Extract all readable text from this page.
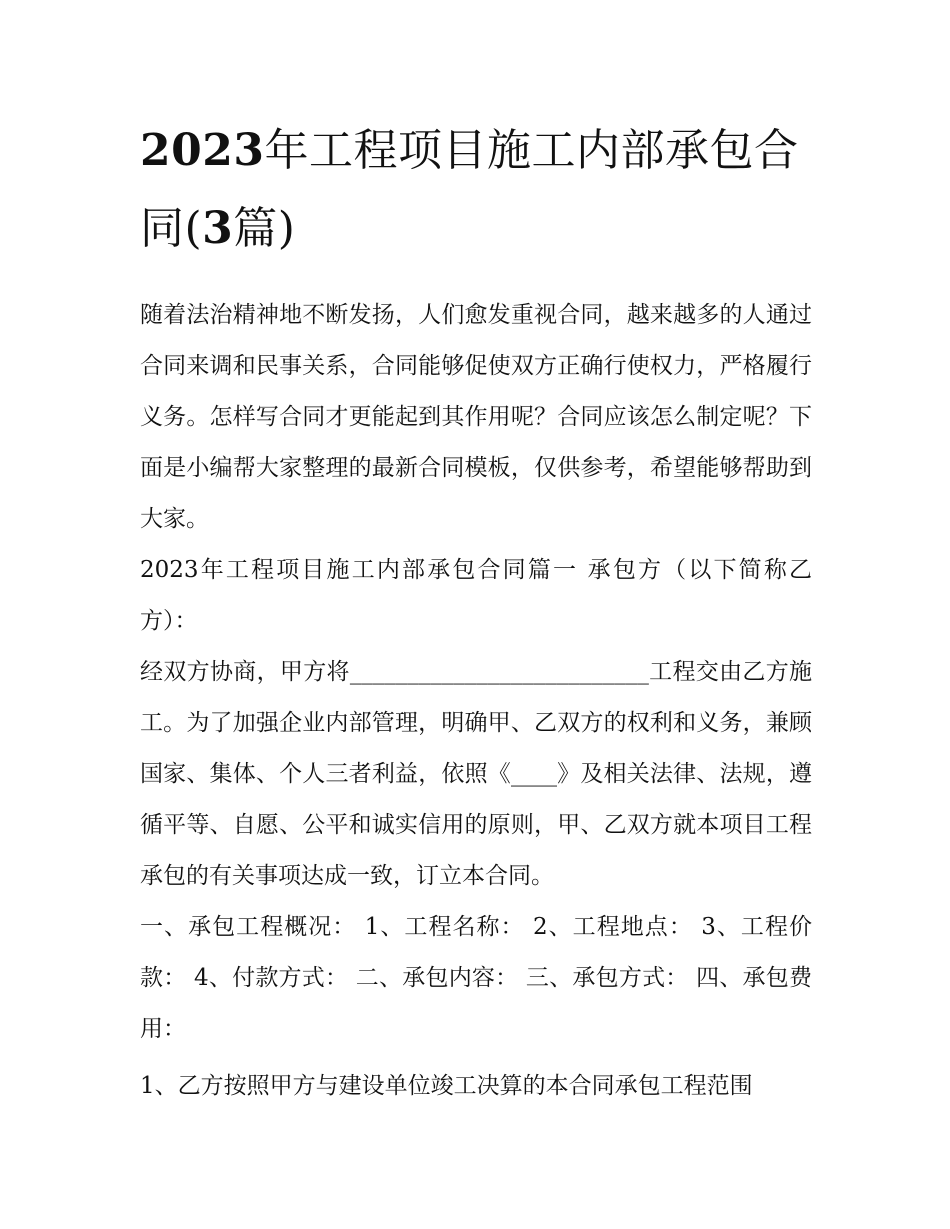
2023年工程项目施工内部承包合同(3篇)

随着法治精神地不断发扬，人们愈发重视合同，越来越多的人通过合同来调和民事关系，合同能够促使双方正确行使权力，严格履行义务。怎样写合同才更能起到其作用呢？合同应该怎么制定呢？下面是小编帮大家整理的最新合同模板，仅供参考，希望能够帮助到大家。

2023年工程项目施工内部承包合同篇一 承包方（以下简称乙方）：

经双方协商，甲方将__________________________工程交由乙方施工。为了加强企业内部管理，明确甲、乙双方的权利和义务，兼顾国家、集体、个人三者利益，依照《____》及相关法律、法规，遵循平等、自愿、公平和诚实信用的原则，甲、乙双方就本项目工程承包的有关事项达成一致，订立本合同。

一、承包工程概况： 1、工程名称： 2、工程地点： 3、工程价款： 4、付款方式： 二、承包内容： 三、承包方式： 四、承包费用：

1、乙方按照甲方与建设单位竣工决算的本合同承包工程范围
